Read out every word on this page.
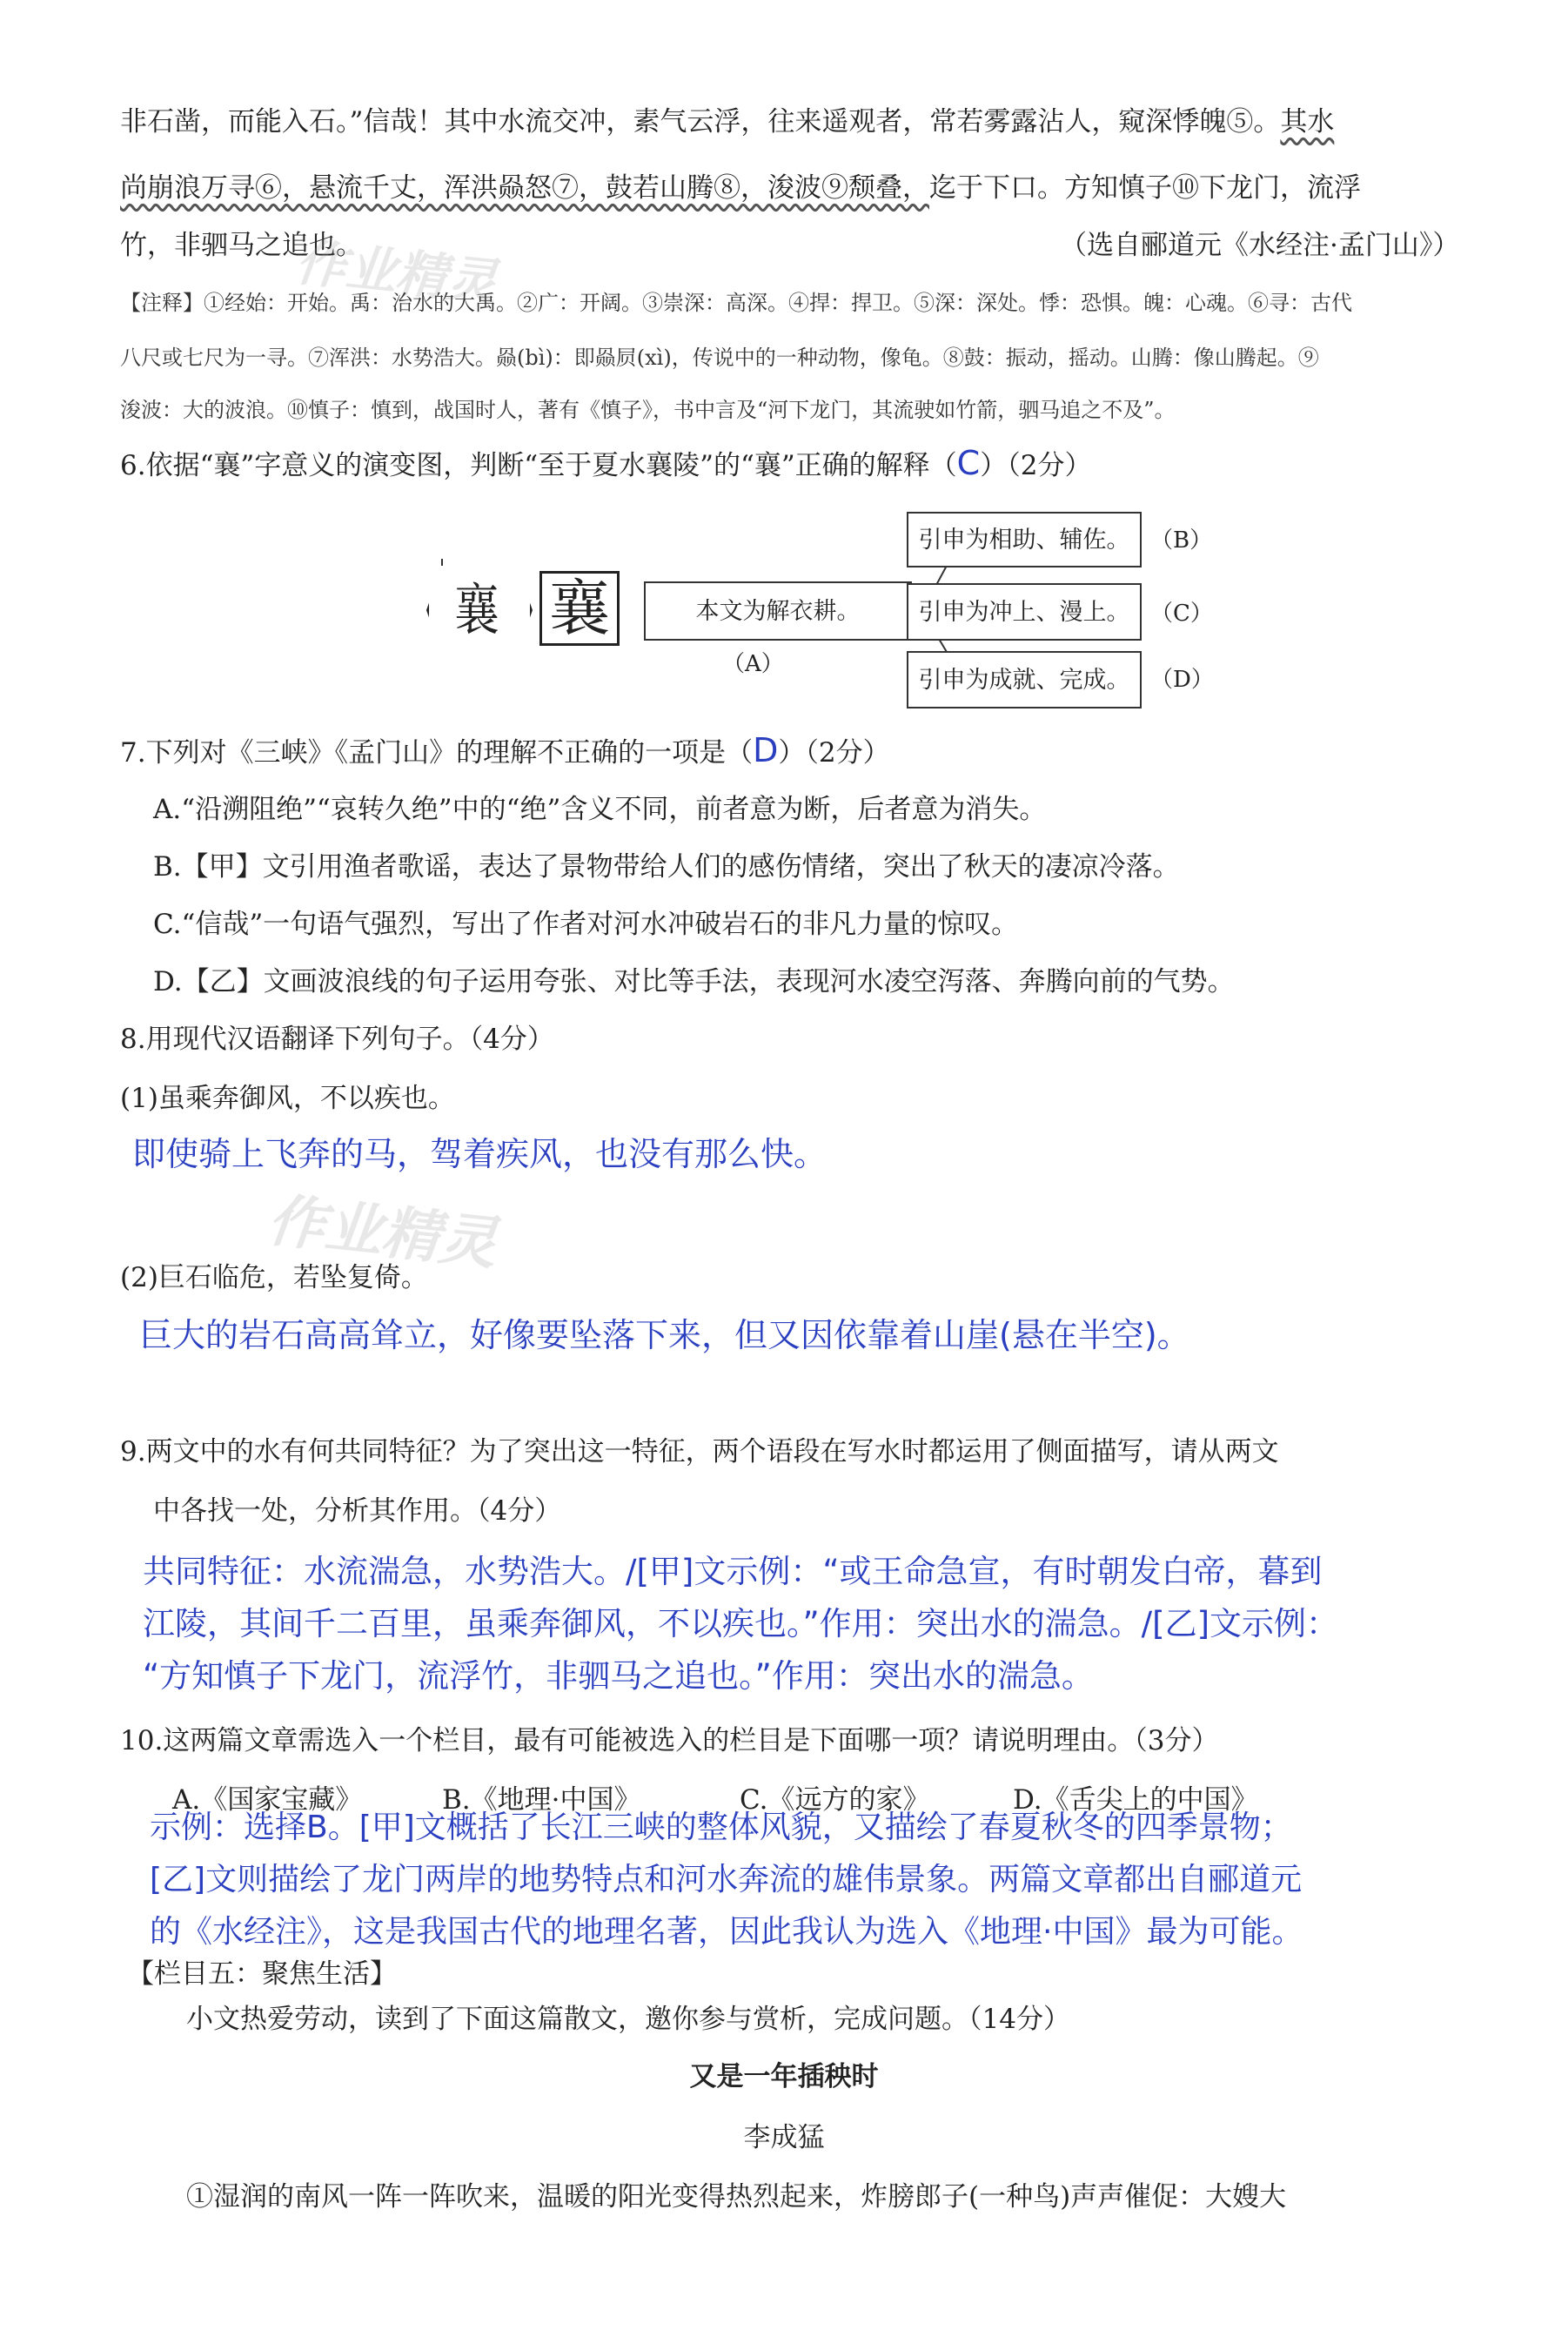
非石凿，而能入石。”信哉！其中水流交冲，素气云浮，往来遥观者，常若雾露沾人，窥深悸魄⑤。其水
尚崩浪万寻⑥，悬流千丈，浑洪赑怒⑦，鼓若山腾⑧，浚波⑨颓叠，迄于下口。方知慎子⑩下龙门，流浮
竹，非驷马之追也。	（选自郦道元《水经注·孟门山》）
作业精灵
【注释】①经始：开始。禹：治水的大禹。②广：开阔。③崇深：高深。④捍：捍卫。⑤深：深处。悸：恐惧。魄：心魂。⑥寻：古代
八尺或七尺为一寻。⑦浑洪：水势浩大。赑(bì)：即赑屃(xì)，传说中的一种动物，像龟。⑧鼓：振动，摇动。山腾：像山腾起。⑨
浚波：大的波浪。⑩慎子：慎到，战国时人，著有《慎子》，书中言及“河下龙门，其流驶如竹箭，驷马追之不及”。
6.依据“襄”字意义的演变图，判断“至于夏水襄陵”的“襄”正确的解释（C）（2分）
襄 襄	本文为解衣耕。
（A）
引申为相助、辅佐。 （B）
引申为冲上、漫上。 （C）
引申为成就、完成。 （D）
7.下列对《三峡》《孟门山》的理解不正确的一项是（D）（2分）
A.“沿溯阻绝”“哀转久绝”中的“绝”含义不同，前者意为断，后者意为消失。
B.【甲】文引用渔者歌谣，表达了景物带给人们的感伤情绪，突出了秋天的凄凉冷落。
C.“信哉”一句语气强烈，写出了作者对河水冲破岩石的非凡力量的惊叹。
D.【乙】文画波浪线的句子运用夸张、对比等手法，表现河水凌空泻落、奔腾向前的气势。
8.用现代汉语翻译下列句子。（4分）
(1)虽乘奔御风，不以疾也。
即使骑上飞奔的马，驾着疾风，也没有那么快。
作业精灵
(2)巨石临危，若坠复倚。
巨大的岩石高高耸立，好像要坠落下来，但又因依靠着山崖(悬在半空)。
9.两文中的水有何共同特征？为了突出这一特征，两个语段在写水时都运用了侧面描写，请从两文
中各找一处，分析其作用。（4分）
共同特征：水流湍急，水势浩大。/[甲]文示例：“或王命急宣，有时朝发白帝，暮到
江陵，其间千二百里，虽乘奔御风，不以疾也。”作用：突出水的湍急。/[乙]文示例：
“方知慎子下龙门，流浮竹，非驷马之追也。”作用：突出水的湍急。
10.这两篇文章需选入一个栏目，最有可能被选入的栏目是下面哪一项？请说明理由。（3分）
A.《国家宝藏》	B.《地理·中国》	C.《远方的家》	D.《舌尖上的中国》
示例：选择B。[甲]文概括了长江三峡的整体风貌，又描绘了春夏秋冬的四季景物；
[乙]文则描绘了龙门两岸的地势特点和河水奔流的雄伟景象。两篇文章都出自郦道元
的《水经注》，这是我国古代的地理名著，因此我认为选入《地理·中国》最为可能。
【栏目五：聚焦生活】
小文热爱劳动，读到了下面这篇散文，邀你参与赏析，完成问题。（14分）
又是一年插秧时
李成猛
①湿润的南风一阵一阵吹来，温暖的阳光变得热烈起来，炸膀郎子(一种鸟)声声催促：大嫂大
